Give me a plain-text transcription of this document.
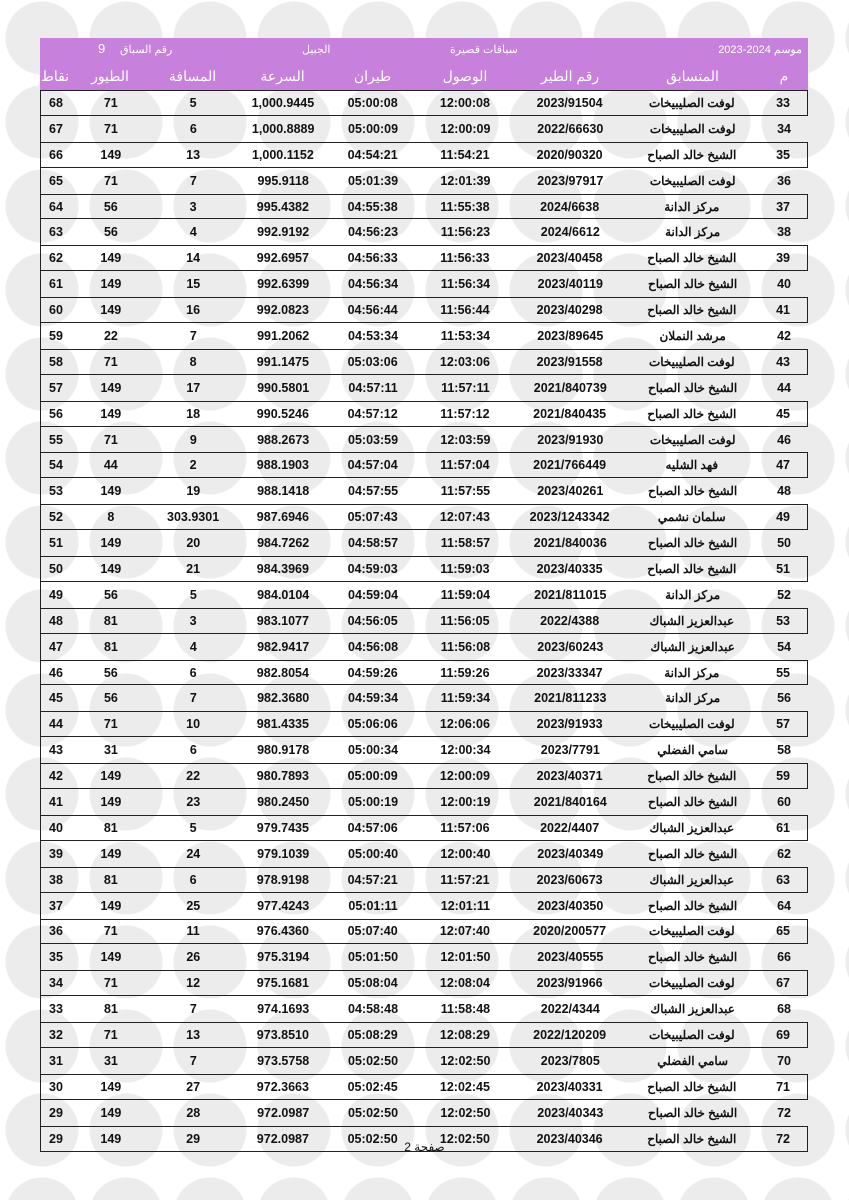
موسم 2024-2023
سباقات قصيرة
الجبيل
رقم السباق
9
نقاط	الطيور	المسافة	السرعة	طيران	الوصول	رقم الطير	المتسابق	م
68	71	5	1,000.9445	05:00:08	12:00:08	2023/91504	لوفت الصليبيخات	33
67	71	6	1,000.8889	05:00:09	12:00:09	2022/66630	لوفت الصليبيخات	34
66	149	13	1,000.1152	04:54:21	11:54:21	2020/90320	الشيخ خالد الصباح	35
65	71	7	995.9118	05:01:39	12:01:39	2023/97917	لوفت الصليبيخات	36
64	56	3	995.4382	04:55:38	11:55:38	2024/6638	مركز الدانة	37
63	56	4	992.9192	04:56:23	11:56:23	2024/6612	مركز الدانة	38
62	149	14	992.6957	04:56:33	11:56:33	2023/40458	الشيخ خالد الصباح	39
61	149	15	992.6399	04:56:34	11:56:34	2023/40119	الشيخ خالد الصباح	40
60	149	16	992.0823	04:56:44	11:56:44	2023/40298	الشيخ خالد الصباح	41
59	22	7	991.2062	04:53:34	11:53:34	2023/89645	مرشد النملان	42
58	71	8	991.1475	05:03:06	12:03:06	2023/91558	لوفت الصليبيخات	43
57	149	17	990.5801	04:57:11	11:57:11	2021/840739	الشيخ خالد الصباح	44
56	149	18	990.5246	04:57:12	11:57:12	2021/840435	الشيخ خالد الصباح	45
55	71	9	988.2673	05:03:59	12:03:59	2023/91930	لوفت الصليبيخات	46
54	44	2	988.1903	04:57:04	11:57:04	2021/766449	فهد الشليه	47
53	149	19	988.1418	04:57:55	11:57:55	2023/40261	الشيخ خالد الصباح	48
52	8	303.9301	987.6946	05:07:43	12:07:43	2023/1243342	سلمان نشمي	49
51	149	20	984.7262	04:58:57	11:58:57	2021/840036	الشيخ خالد الصباح	50
50	149	21	984.3969	04:59:03	11:59:03	2023/40335	الشيخ خالد الصباح	51
49	56	5	984.0104	04:59:04	11:59:04	2021/811015	مركز الدانة	52
48	81	3	983.1077	04:56:05	11:56:05	2022/4388	عبدالعزيز الشباك	53
47	81	4	982.9417	04:56:08	11:56:08	2023/60243	عبدالعزيز الشباك	54
46	56	6	982.8054	04:59:26	11:59:26	2023/33347	مركز الدانة	55
45	56	7	982.3680	04:59:34	11:59:34	2021/811233	مركز الدانة	56
44	71	10	981.4335	05:06:06	12:06:06	2023/91933	لوفت الصليبيخات	57
43	31	6	980.9178	05:00:34	12:00:34	2023/7791	سامي الفضلي	58
42	149	22	980.7893	05:00:09	12:00:09	2023/40371	الشيخ خالد الصباح	59
41	149	23	980.2450	05:00:19	12:00:19	2021/840164	الشيخ خالد الصباح	60
40	81	5	979.7435	04:57:06	11:57:06	2022/4407	عبدالعزيز الشباك	61
39	149	24	979.1039	05:00:40	12:00:40	2023/40349	الشيخ خالد الصباح	62
38	81	6	978.9198	04:57:21	11:57:21	2023/60673	عبدالعزيز الشباك	63
37	149	25	977.4243	05:01:11	12:01:11	2023/40350	الشيخ خالد الصباح	64
36	71	11	976.4360	05:07:40	12:07:40	2020/200577	لوفت الصليبيخات	65
35	149	26	975.3194	05:01:50	12:01:50	2023/40555	الشيخ خالد الصباح	66
34	71	12	975.1681	05:08:04	12:08:04	2023/91966	لوفت الصليبيخات	67
33	81	7	974.1693	04:58:48	11:58:48	2022/4344	عبدالعزيز الشباك	68
32	71	13	973.8510	05:08:29	12:08:29	2022/120209	لوفت الصليبيخات	69
31	31	7	973.5758	05:02:50	12:02:50	2023/7805	سامي الفضلي	70
30	149	27	972.3663	05:02:45	12:02:45	2023/40331	الشيخ خالد الصباح	71
29	149	28	972.0987	05:02:50	12:02:50	2023/40343	الشيخ خالد الصباح	72
29	149	29	972.0987	05:02:50	12:02:50	2023/40346	الشيخ خالد الصباح	72
صفحة 2
